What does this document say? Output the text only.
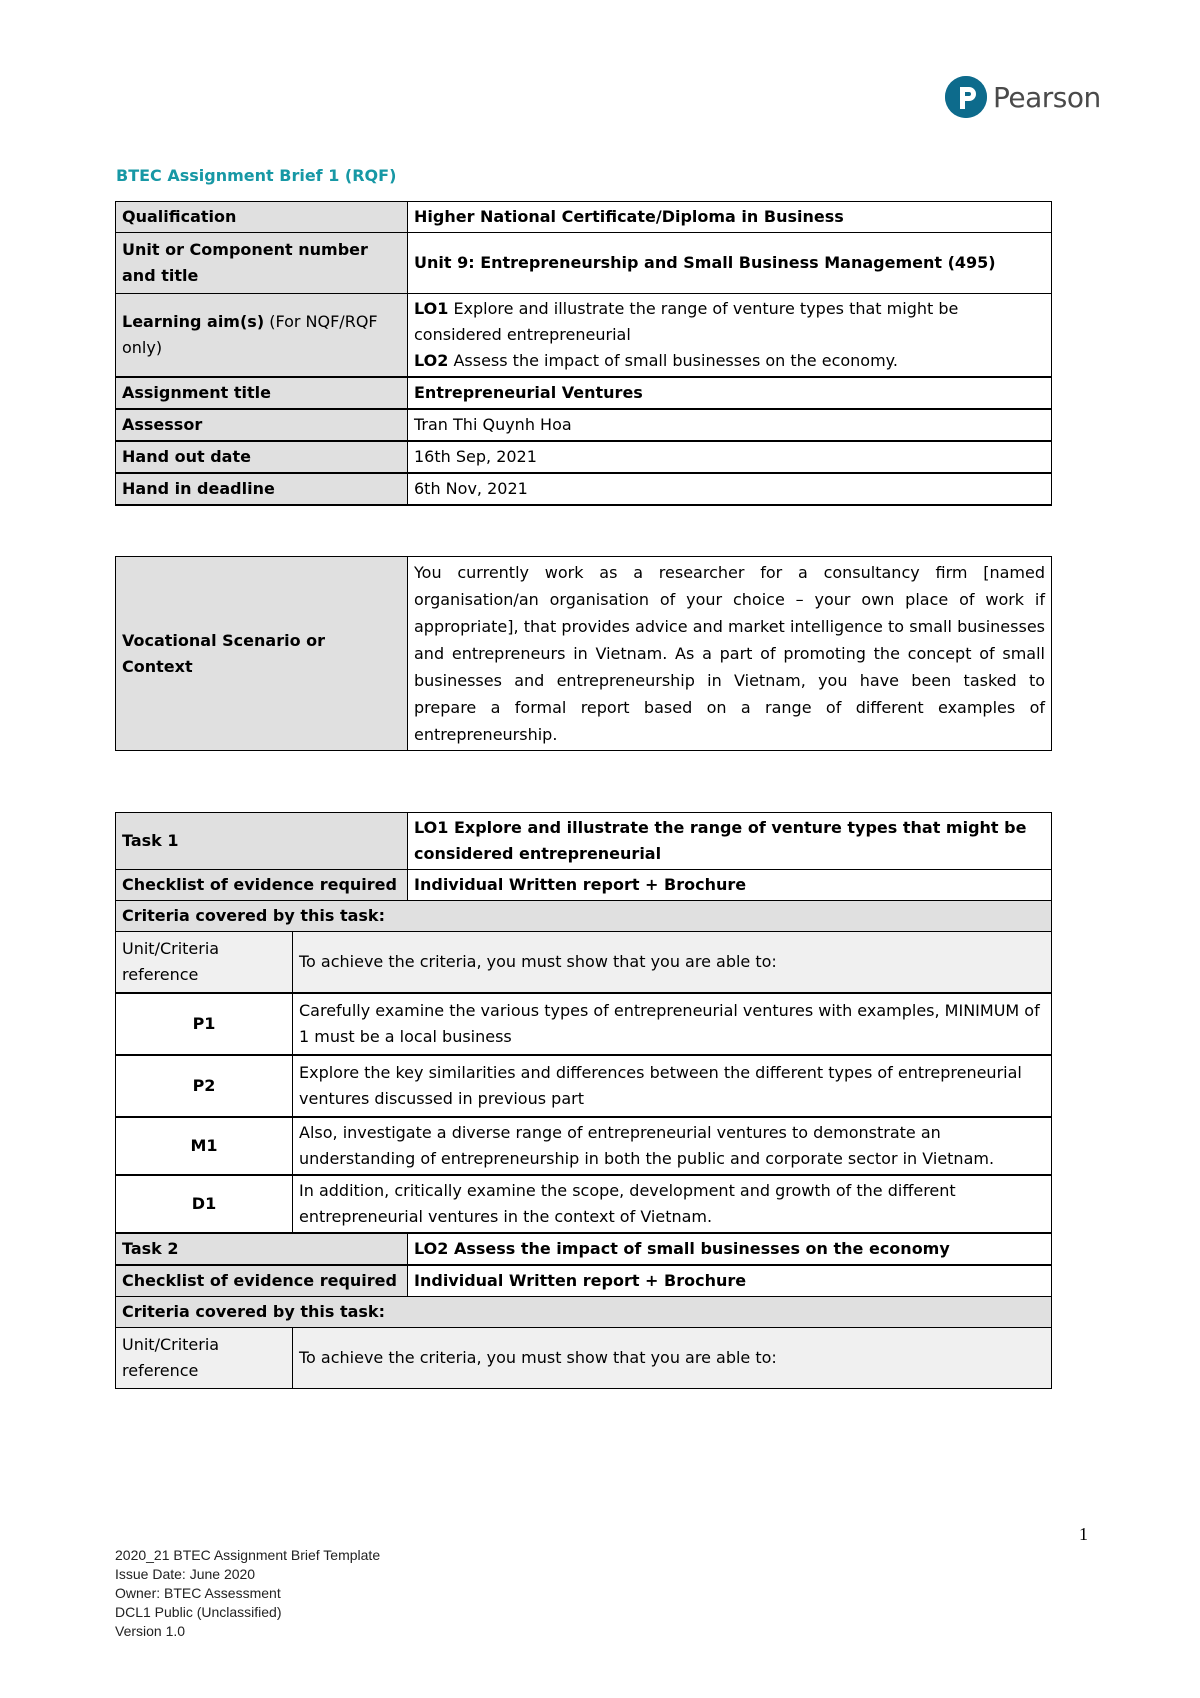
Pearson
BTEC Assignment Brief 1 (RQF)
Qualification	Higher National Certificate/Diploma in Business
Unit or Component number and title	Unit 9: Entrepreneurship and Small Business Management (495)
Learning aim(s) (For NQF/RQF only)	LO1 Explore and illustrate the range of venture types that might be considered entrepreneurial
LO2 Assess the impact of small businesses on the economy.
Assignment title	Entrepreneurial Ventures
Assessor	Tran Thi Quynh Hoa
Hand out date	16th Sep, 2021
Hand in deadline	6th Nov, 2021
Vocational Scenario or Context	You currently work as a researcher for a consultancy firm [named organisation/an organisation of your choice – your own place of work if appropriate], that provides advice and market intelligence to small businesses and entrepreneurs in Vietnam. As a part of promoting the concept of small businesses and entrepreneurship in Vietnam, you have been tasked to prepare a formal report based on a range of different examples of entrepreneurship.
Task 1		LO1 Explore and illustrate the range of venture types that might be considered entrepreneurial
Checklist of evidence required		Individual Written report + Brochure
Criteria covered by this task:		
Unit/Criteria reference	To achieve the criteria, you must show that you are able to:	
P1	Carefully examine the various types of entrepreneurial ventures with examples, MINIMUM of 1 must be a local business	
P2	Explore the key similarities and differences between the different types of entrepreneurial ventures discussed in previous part	
M1	Also, investigate a diverse range of entrepreneurial ventures to demonstrate an understanding of entrepreneurship in both the public and corporate sector in Vietnam.	
D1	In addition, critically examine the scope, development and growth of the different entrepreneurial ventures in the context of Vietnam.	
Task 2		LO2 Assess the impact of small businesses on the economy
Checklist of evidence required		Individual Written report + Brochure
Criteria covered by this task:		
Unit/Criteria reference	To achieve the criteria, you must show that you are able to:	
1
2020_21 BTEC Assignment Brief Template
Issue Date: June 2020
Owner: BTEC Assessment
DCL1 Public (Unclassified)
Version 1.0
